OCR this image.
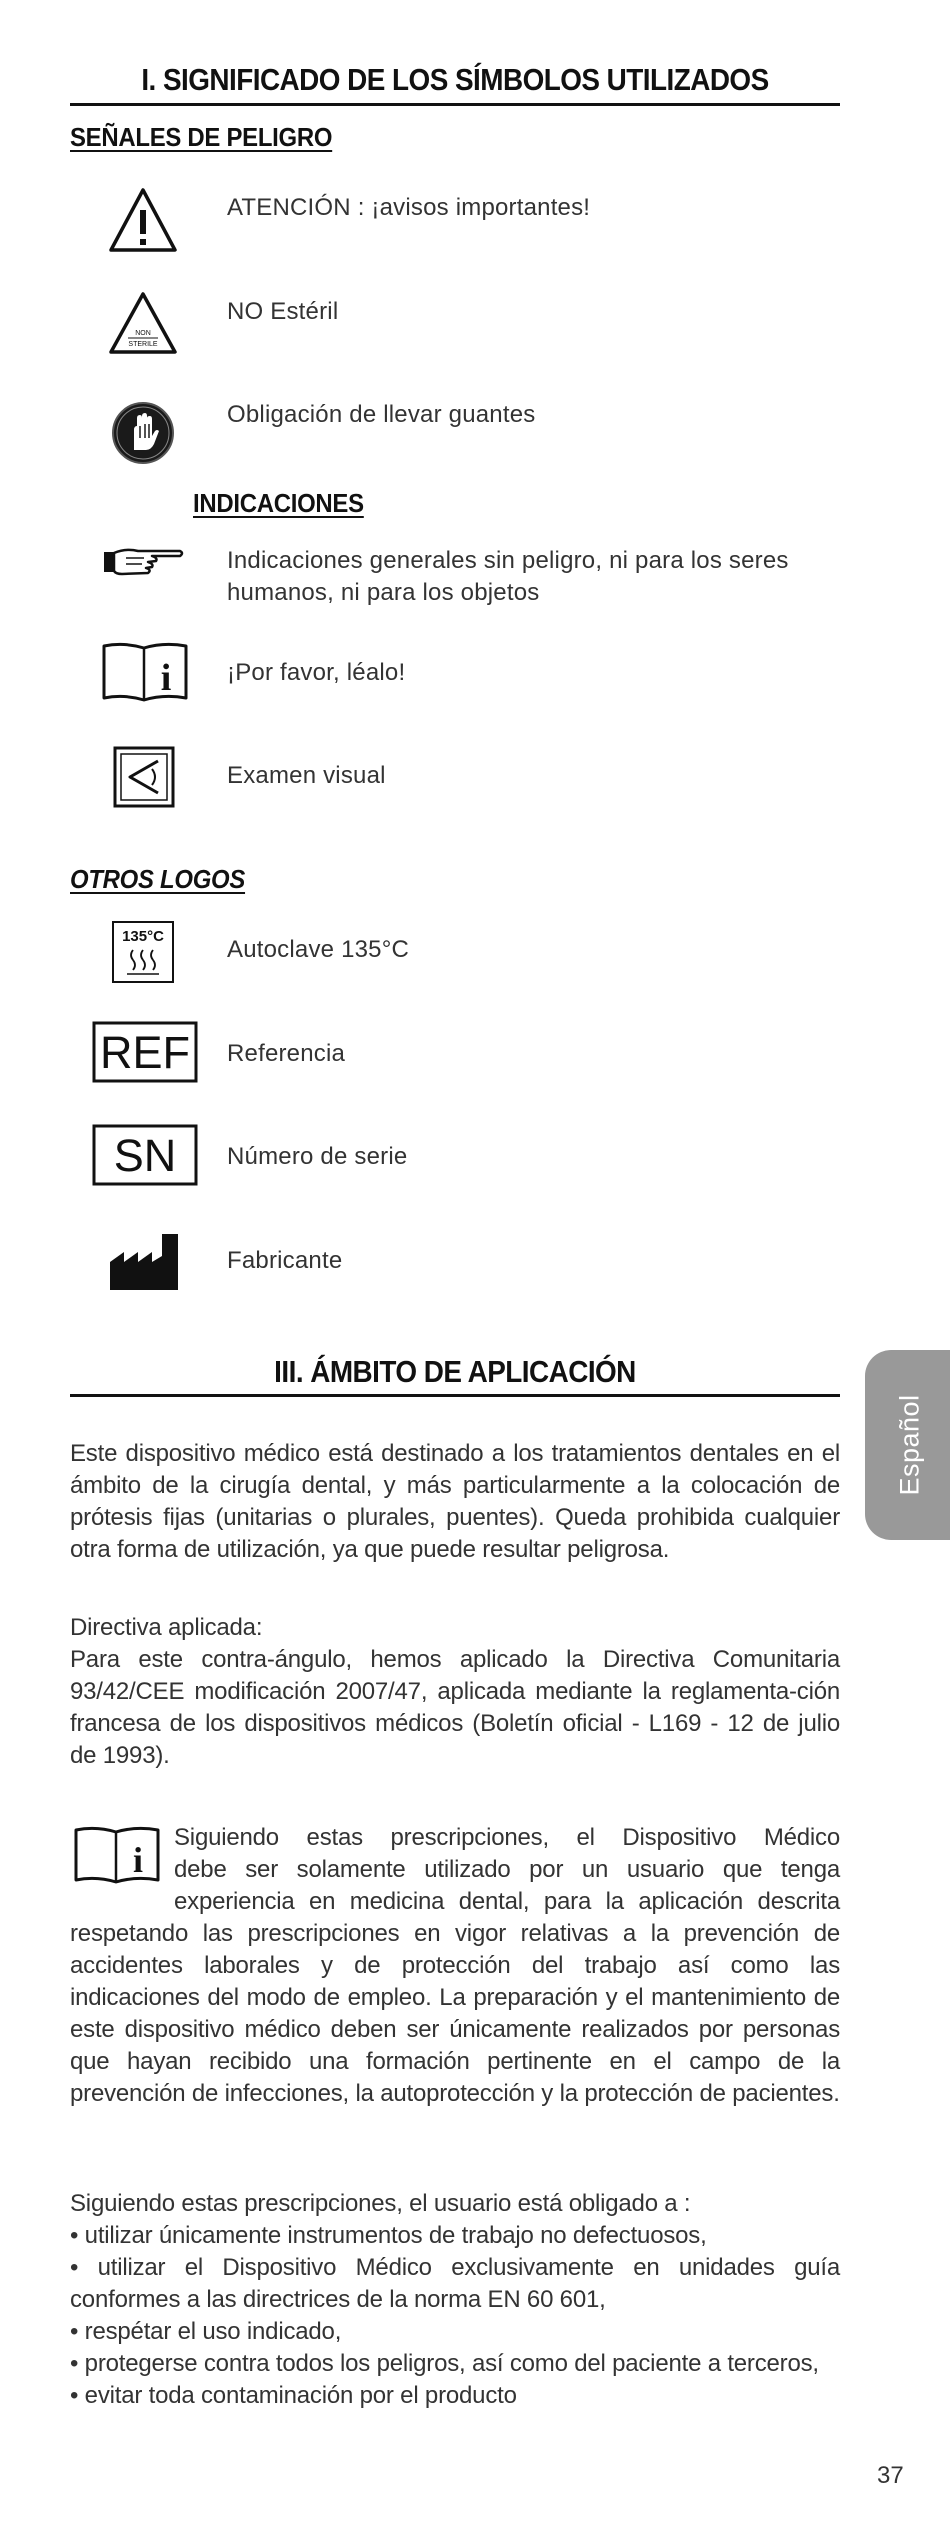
I. SIGNIFICADO DE LOS SÍMBOLOS UTILIZADOS
SEÑALES DE PELIGRO
ATENCIÓN : ¡avisos importantes!
NON
STERILE
NO Estéril
Obligación de llevar guantes
INDICACIONES
Indicaciones generales sin peligro, ni para los seres
humanos, ni para los objetos
i ¡Por favor, léalo!
Examen visual
OTROS LOGOS
135°C	Autoclave 135°C
REF Referencia
SN Número de serie
Fabricante
III. ÁMBITO DE APLICACIÓN
Este dispositivo médico está destinado a los tratamientos dentales en el ámbito de la cirugía dental, y más particularmente a la colocación de prótesis fijas (unitarias o plurales, puentes). Queda prohibida cualquier otra forma de utilización, ya que puede resultar peligrosa.

Directiva aplicada:

Para este contra-ángulo, hemos aplicado la Directiva Comunitaria 93/42/CEE modificación 2007/47, aplicada mediante la reglamenta-ción francesa de los dispositivos médicos (Boletín oficial - L169 - 12 de julio de 1993).

i
Siguiendo estas prescripciones, el Dispositivo Médico
debe ser solamente utilizado por un usuario que tenga
experiencia en medicina dental, para la aplicación descrita
respetando las prescripciones en vigor relativas a la prevención de accidentes laborales y de protección del trabajo así como las indicaciones del modo de empleo. La preparación y el mantenimiento de este dispositivo médico deben ser únicamente realizados por personas que hayan recibido una formación pertinente en el campo de la prevención de infecciones, la autoprotección y la protección de pacientes.

Siguiendo estas prescripciones, el usuario está obligado a :

• utilizar únicamente instrumentos de trabajo no defectuosos,
• utilizar el Dispositivo Médico exclusivamente en unidades guía conformes a las directrices de la norma EN 60 601,
• respétar el uso indicado,
• protegerse contra todos los peligros, así como del paciente a terceros,
• evitar toda contaminación por el producto
Español
37
